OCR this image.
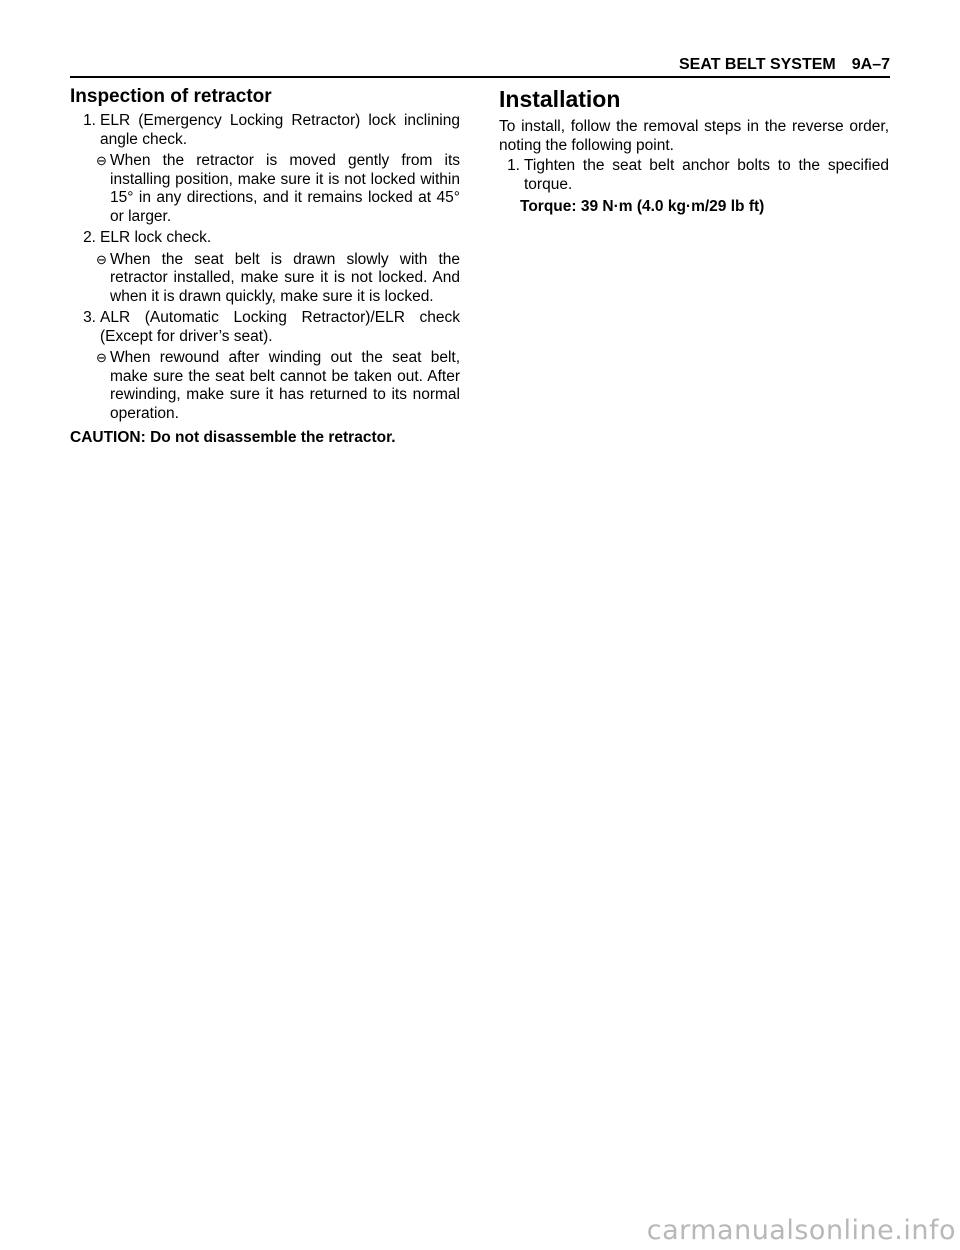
SEAT BELT SYSTEM 9A–7
Inspection of retractor
1. ELR (Emergency Locking Retractor) lock inclining angle check.
⊖ When the retractor is moved gently from its installing position, make sure it is not locked within 15° in any directions, and it remains locked at 45° or larger.
2. ELR lock check.
⊖ When the seat belt is drawn slowly with the retractor installed, make sure it is not locked. And when it is drawn quickly, make sure it is locked.
3. ALR (Automatic Locking Retractor)/ELR check (Except for driver’s seat).
⊖ When rewound after winding out the seat belt, make sure the seat belt cannot be taken out. After rewinding, make sure it has returned to its normal operation.
CAUTION: Do not disassemble the retractor.
Installation
To install, follow the removal steps in the reverse order, noting the following point.
1. Tighten the seat belt anchor bolts to the specified torque.
Torque: 39 N·m (4.0 kg·m/29 lb ft)
carmanualsonline.info
